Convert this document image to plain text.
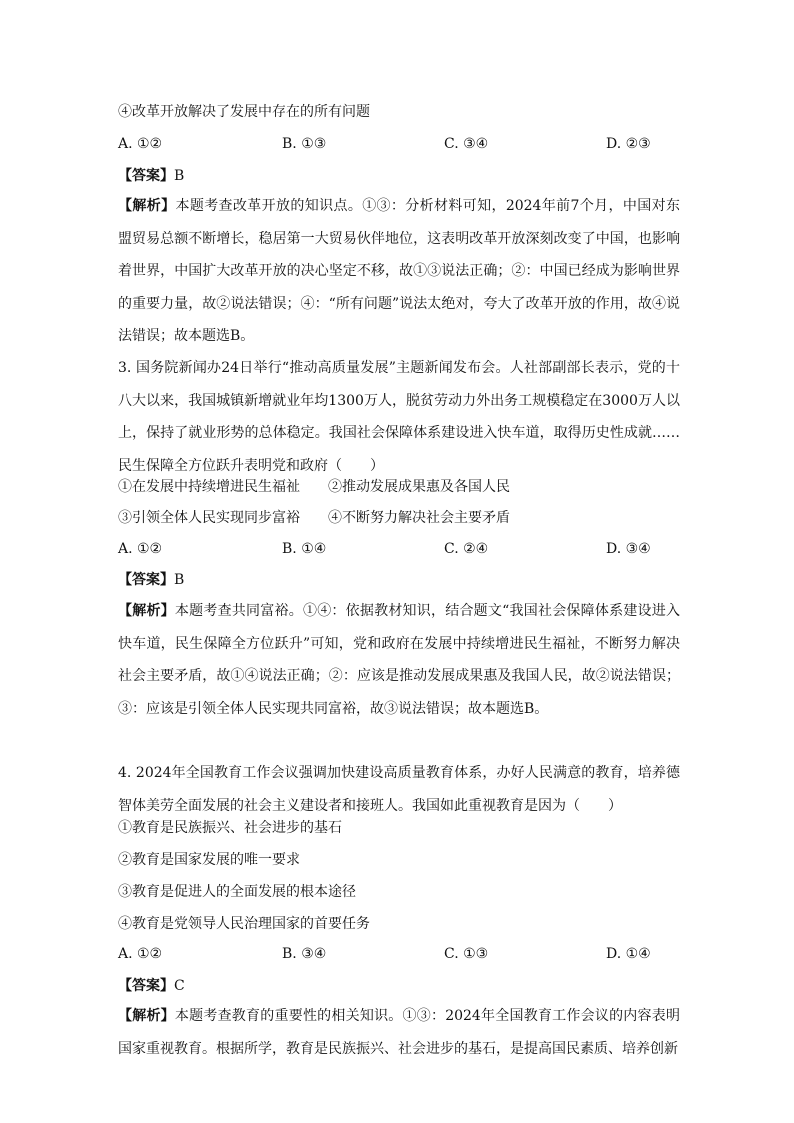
④改革开放解决了发展中存在的所有问题
A. ①②	B. ①③	C. ③④	D. ②③
【答案】B
【解析】本题考查改革开放的知识点。①③：分析材料可知，2024年前7个月，中国对东盟贸易总额不断增长，稳居第一大贸易伙伴地位，这表明改革开放深刻改变了中国，也影响着世界，中国扩大改革开放的决心坚定不移，故①③说法正确；②：中国已经成为影响世界的重要力量，故②说法错误；④：“所有问题”说法太绝对，夸大了改革开放的作用，故④说法错误；故本题选B。
3. 国务院新闻办24日举行“推动高质量发展”主题新闻发布会。人社部副部长表示，党的十八大以来，我国城镇新增就业年均1300万人，脱贫劳动力外出务工规模稳定在3000万人以上，保持了就业形势的总体稳定。我国社会保障体系建设进入快车道，取得历史性成就……民生保障全方位跃升表明党和政府（　　）
①在发展中持续增进民生福祉 ②推动发展成果惠及各国人民
③引领全体人民实现同步富裕 ④不断努力解决社会主要矛盾
A. ①②	B. ①④	C. ②④	D. ③④
【答案】B
【解析】本题考查共同富裕。①④：依据教材知识，结合题文“我国社会保障体系建设进入快车道，民生保障全方位跃升”可知，党和政府在发展中持续增进民生福祉，不断努力解决社会主要矛盾，故①④说法正确；②：应该是推动发展成果惠及我国人民，故②说法错误；③：应该是引领全体人民实现共同富裕，故③说法错误；故本题选B。
4. 2024年全国教育工作会议强调加快建设高质量教育体系，办好人民满意的教育，培养德智体美劳全面发展的社会主义建设者和接班人。我国如此重视教育是因为（　　）
①教育是民族振兴、社会进步的基石
②教育是国家发展的唯一要求
③教育是促进人的全面发展的根本途径
④教育是党领导人民治理国家的首要任务
A. ①②	B. ③④	C. ①③	D. ①④
【答案】C
【解析】本题考查教育的重要性的相关知识。①③：2024年全国教育工作会议的内容表明国家重视教育。根据所学，教育是民族振兴、社会进步的基石，是提高国民素质、培养创新
